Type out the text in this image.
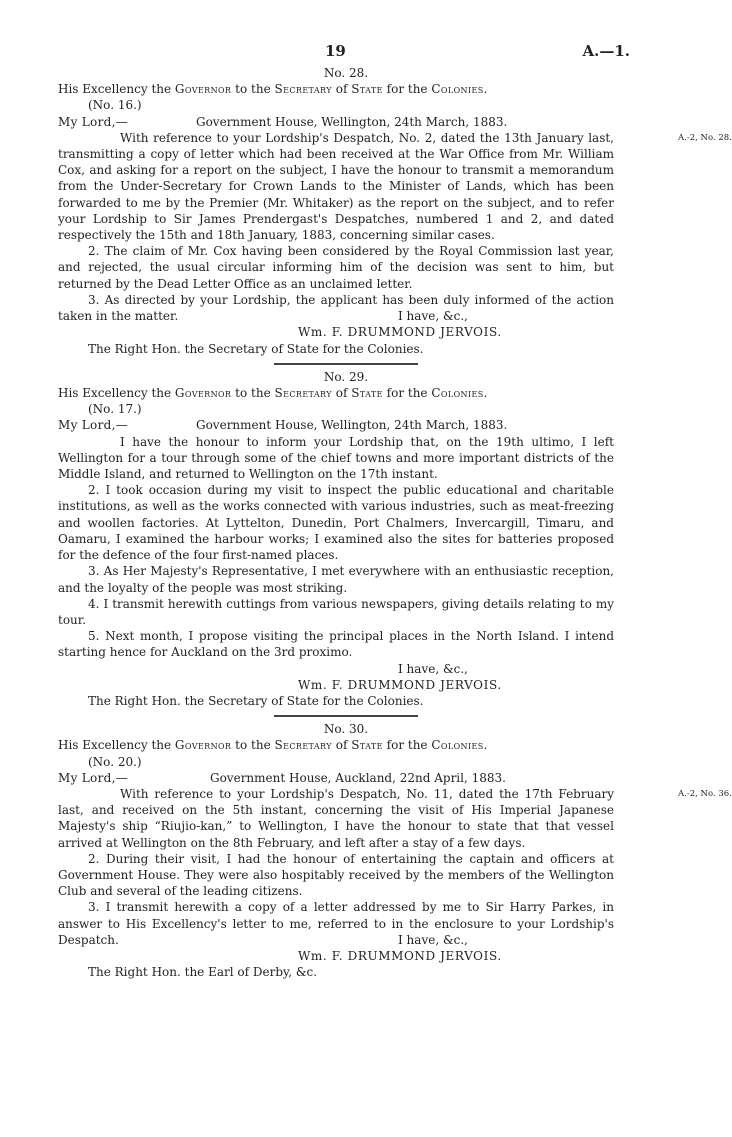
19	A.—1.
No. 28.
His Excellency the Governor to the Secretary of State for the Colonies.
(No. 16.)
My Lord,—	Government House, Wellington, 24th March, 1883.
A.-2, No. 28.
With reference to your Lordship's Despatch, No. 2, dated the 13th January last, transmitting a copy of letter which had been received at the War Office from Mr. William Cox, and asking for a report on the subject, I have the honour to transmit a memorandum from the Under-Secretary for Crown Lands to the Minister of Lands, which has been forwarded to me by the Premier (Mr. Whitaker) as the report on the subject, and to refer your Lordship to Sir James Prendergast's Despatches, numbered 1 and 2, and dated respectively the 15th and 18th January, 1883, concerning similar cases.
2. The claim of Mr. Cox having been considered by the Royal Commission last year, and rejected, the usual circular informing him of the decision was sent to him, but returned by the Dead Letter Office as an unclaimed letter.
3. As directed by your Lordship, the applicant has been duly informed of the action taken in the matter.	I have, &c.,
Wm. F. DRUMMOND JERVOIS.
The Right Hon. the Secretary of State for the Colonies.
No. 29.
His Excellency the Governor to the Secretary of State for the Colonies.
(No. 17.)
My Lord,—	Government House, Wellington, 24th March, 1883.
I have the honour to inform your Lordship that, on the 19th ultimo, I left Wellington for a tour through some of the chief towns and more important districts of the Middle Island, and returned to Wellington on the 17th instant.
2. I took occasion during my visit to inspect the public educational and charitable institutions, as well as the works connected with various industries, such as meat-freezing and woollen factories. At Lyttelton, Dunedin, Port Chalmers, Invercargill, Timaru, and Oamaru, I examined the harbour works; I examined also the sites for batteries proposed for the defence of the four first-named places.
3. As Her Majesty's Representative, I met everywhere with an enthusiastic reception, and the loyalty of the people was most striking.
4. I transmit herewith cuttings from various newspapers, giving details relating to my tour.
5. Next month, I propose visiting the principal places in the North Island. I intend starting hence for Auckland on the 3rd proximo.
I have, &c.,
Wm. F. DRUMMOND JERVOIS.
The Right Hon. the Secretary of State for the Colonies.
No. 30.
His Excellency the Governor to the Secretary of State for the Colonies.
(No. 20.)
My Lord,—	Government House, Auckland, 22nd April, 1883.
A.-2, No. 36.
With reference to your Lordship's Despatch, No. 11, dated the 17th February last, and received on the 5th instant, concerning the visit of His Imperial Japanese Majesty's ship “Riujio-kan,” to Wellington, I have the honour to state that that vessel arrived at Wellington on the 8th February, and left after a stay of a few days.
2. During their visit, I had the honour of entertaining the captain and officers at Government House. They were also hospitably received by the members of the Wellington Club and several of the leading citizens.
3. I transmit herewith a copy of a letter addressed by me to Sir Harry Parkes, in answer to His Excellency's letter to me, referred to in the enclosure to your Lordship's Despatch.	I have, &c.,
Wm. F. DRUMMOND JERVOIS.
The Right Hon. the Earl of Derby, &c.
